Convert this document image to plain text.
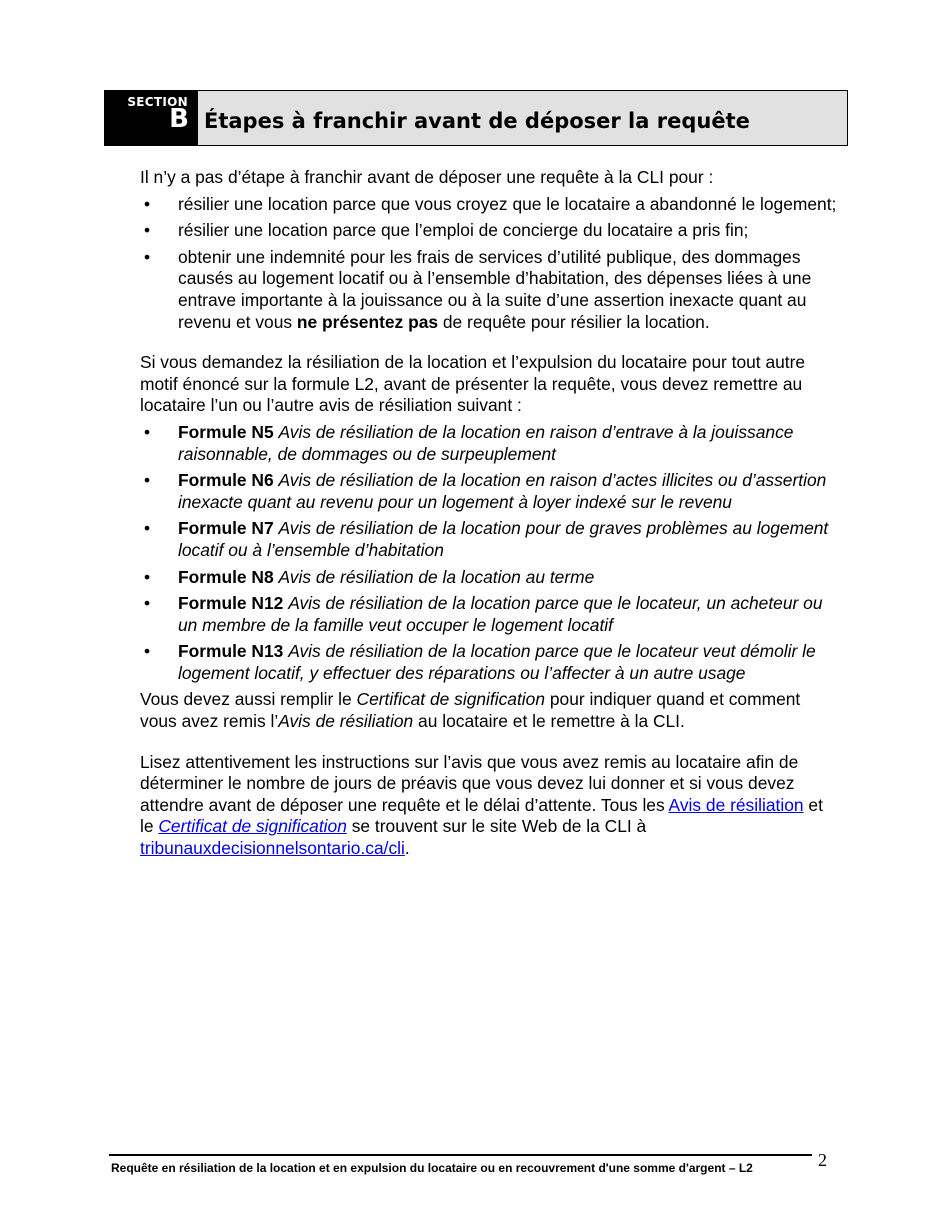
SECTION
B Étapes à franchir avant de déposer la requête

Il n’y a pas d’étape à franchir avant de déposer une requête à la CLI pour :

• résilier une location parce que vous croyez que le locataire a abandonné le logement;
• résilier une location parce que l’emploi de concierge du locataire a pris fin;
• obtenir une indemnité pour les frais de services d’utilité publique, des dommages causés au logement locatif ou à l’ensemble d’habitation, des dépenses liées à une entrave importante à la jouissance ou à la suite d’une assertion inexacte quant au revenu et vous ne présentez pas de requête pour résilier la location.

Si vous demandez la résiliation de la location et l’expulsion du locataire pour tout autre motif énoncé sur la formule L2, avant de présenter la requête, vous devez remettre au locataire l’un ou l’autre avis de résiliation suivant :

• Formule N5 Avis de résiliation de la location en raison d’entrave à la jouissance raisonnable, de dommages ou de surpeuplement
• Formule N6 Avis de résiliation de la location en raison d’actes illicites ou d’assertion inexacte quant au revenu pour un logement à loyer indexé sur le revenu
• Formule N7 Avis de résiliation de la location pour de graves problèmes au logement locatif ou à l’ensemble d’habitation
• Formule N8 Avis de résiliation de la location au terme
• Formule N12 Avis de résiliation de la location parce que le locateur, un acheteur ou un membre de la famille veut occuper le logement locatif
• Formule N13 Avis de résiliation de la location parce que le locateur veut démolir le logement locatif, y effectuer des réparations ou l’affecter à un autre usage

Vous devez aussi remplir le Certificat de signification pour indiquer quand et comment vous avez remis l’Avis de résiliation au locataire et le remettre à la CLI.

Lisez attentivement les instructions sur l’avis que vous avez remis au locataire afin de déterminer le nombre de jours de préavis que vous devez lui donner et si vous devez attendre avant de déposer une requête et le délai d’attente. Tous les Avis de résiliation et le Certificat de signification se trouvent sur le site Web de la CLI à tribunauxdecisionnelsontario.ca/cli.

Requête en résiliation de la location et en expulsion du locataire ou en recouvrement d'une somme d'argent – L2	2
